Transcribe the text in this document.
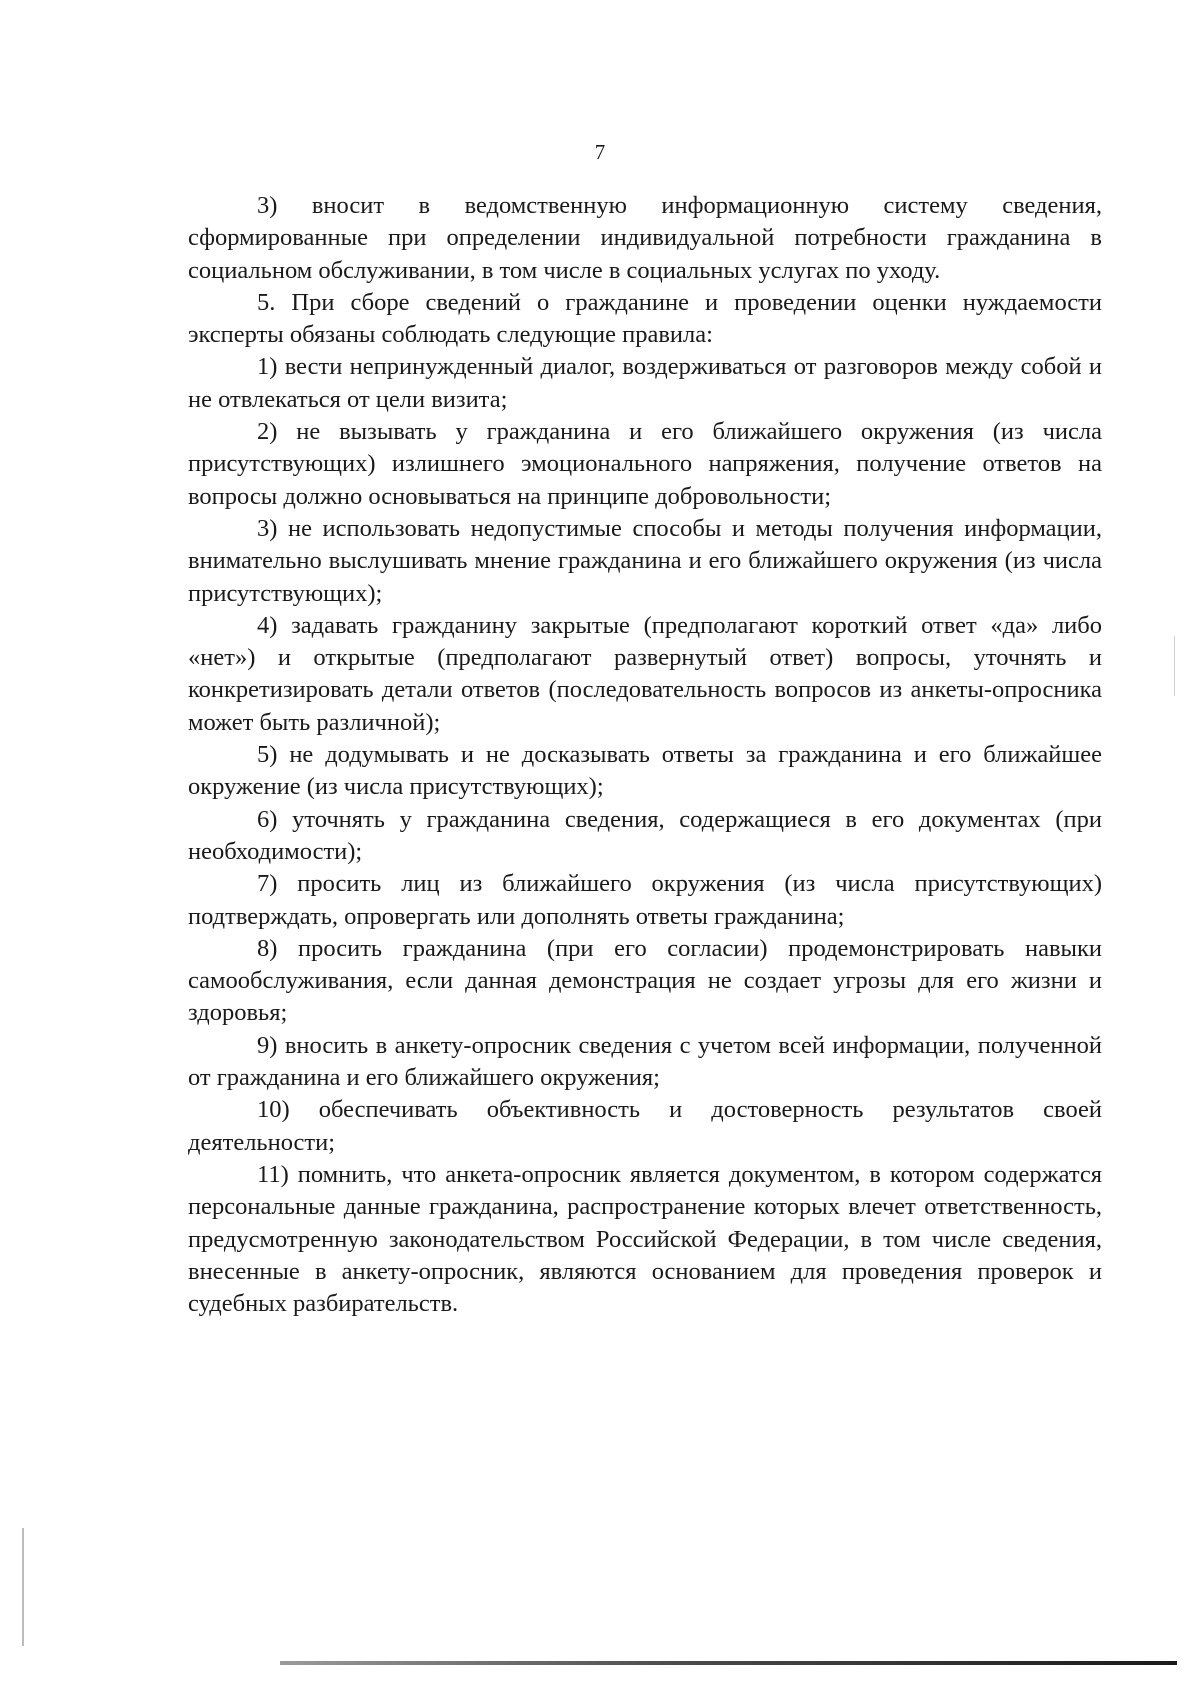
7

3) вносит в ведомственную информационную систему сведения, сформированные при определении индивидуальной потребности гражданина в социальном обслуживании, в том числе в социальных услугах по уходу.

5. При сборе сведений о гражданине и проведении оценки нуждаемости эксперты обязаны соблюдать следующие правила:

1) вести непринужденный диалог, воздерживаться от разговоров между собой и не отвлекаться от цели визита;

2) не вызывать у гражданина и его ближайшего окружения (из числа присутствующих) излишнего эмоционального напряжения, получение ответов на вопросы должно основываться на принципе добровольности;

3) не использовать недопустимые способы и методы получения информации, внимательно выслушивать мнение гражданина и его ближайшего окружения (из числа присутствующих);

4) задавать гражданину закрытые (предполагают короткий ответ «да» либо «нет») и открытые (предполагают развернутый ответ) вопросы, уточнять и конкретизировать детали ответов (последовательность вопросов из анкеты-опросника может быть различной);

5) не додумывать и не досказывать ответы за гражданина и его ближайшее окружение (из числа присутствующих);

6) уточнять у гражданина сведения, содержащиеся в его документах (при необходимости);

7) просить лиц из ближайшего окружения (из числа присутствующих) подтверждать, опровергать или дополнять ответы гражданина;

8) просить гражданина (при его согласии) продемонстрировать навыки самообслуживания, если данная демонстрация не создает угрозы для его жизни и здоровья;

9) вносить в анкету-опросник сведения с учетом всей информации, полученной от гражданина и его ближайшего окружения;

10) обеспечивать объективность и достоверность результатов своей деятельности;

11) помнить, что анкета-опросник является документом, в котором содержатся персональные данные гражданина, распространение которых влечет ответственность, предусмотренную законодательством Российской Федерации, в том числе сведения, внесенные в анкету-опросник, являются основанием для проведения проверок и судебных разбирательств.
